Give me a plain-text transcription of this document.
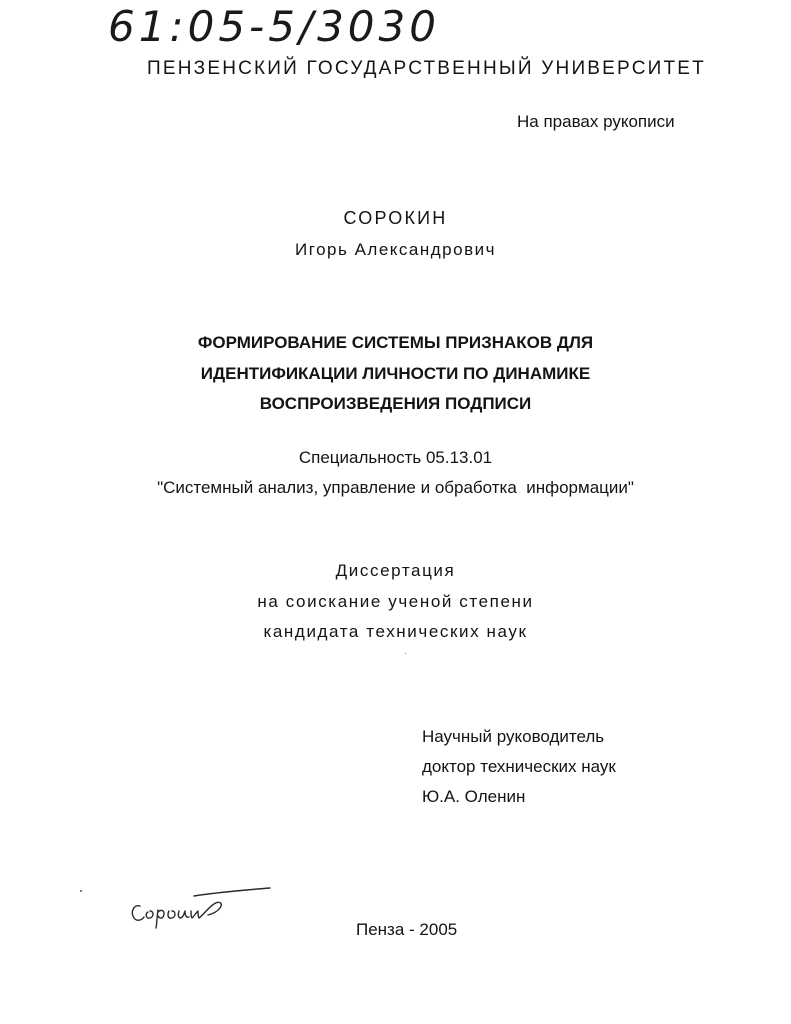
61:05-5/3030
ПЕНЗЕНСКИЙ ГОСУДАРСТВЕННЫЙ УНИВЕРСИТЕТ
На правах рукописи
СОРОКИН
Игорь Александрович
ФОРМИРОВАНИЕ СИСТЕМЫ ПРИЗНАКОВ ДЛЯ
ИДЕНТИФИКАЦИИ ЛИЧНОСТИ ПО ДИНАМИКЕ
ВОСПРОИЗВЕДЕНИЯ ПОДПИСИ
Специальность 05.13.01
"Системный анализ, управление и обработка  информации"
Диссертация
на соискание ученой степени
кандидата технических наук
Научный руководитель
доктор технических наук
Ю.А. Оленин
Пенза - 2005
